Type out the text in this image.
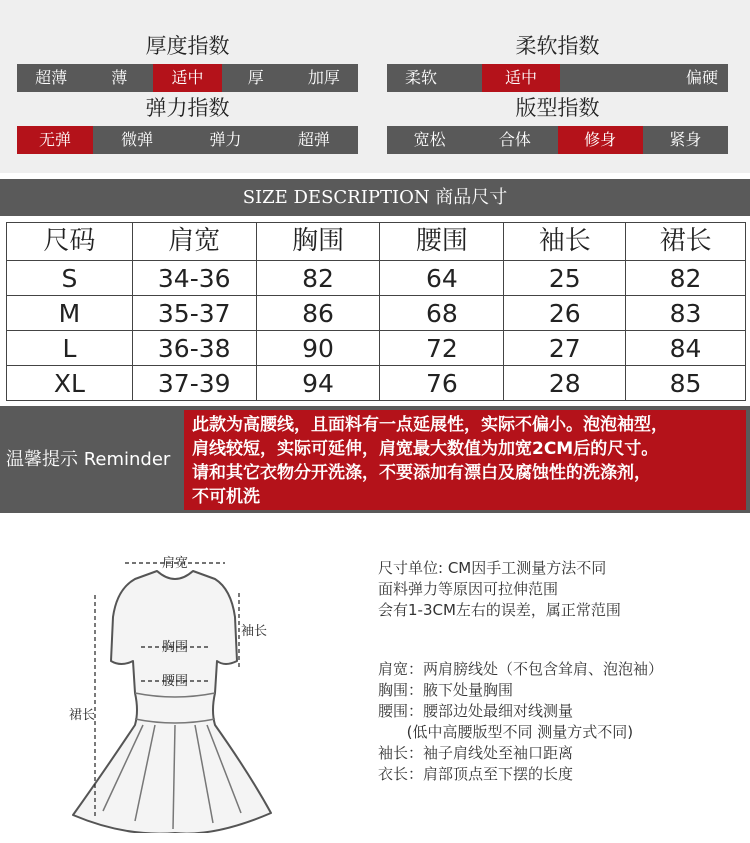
厚度指数
超薄	薄	适中	厚	加厚
柔软指数
柔软	适中	偏硬
弹力指数
无弹	微弹	弹力	超弹
版型指数
宽松	合体	修身	紧身
SIZE DESCRIPTION 商品尺寸
尺码	肩宽	胸围	腰围	袖长	裙长
S	34-36	82	64	25	82
M	35-37	86	68	26	83
L	36-38	90	72	27	84
XL	37-39	94	76	28	85
温馨提示 Reminder

此款为高腰线，且面料有一点延展性，实际不偏小。泡泡袖型，

肩线较短，实际可延伸，肩宽最大数值为加宽2CM后的尺寸。

请和其它衣物分开洗涤，不要添加有漂白及腐蚀性的洗涤剂，

不可机洗

肩宽
袖长
胸围
腰围
裙长
尺寸单位: CM因手工测量方法不同
面料弹力等原因可拉伸范围
会有1-3CM左右的误差，属正常范围
肩宽：两肩膀线处（不包含耸肩、泡泡袖）
胸围：腋下处量胸围
腰围：腰部边处最细对线测量
(低中高腰版型不同 测量方式不同)
袖长：袖子肩线处至袖口距离
衣长：肩部顶点至下摆的长度
